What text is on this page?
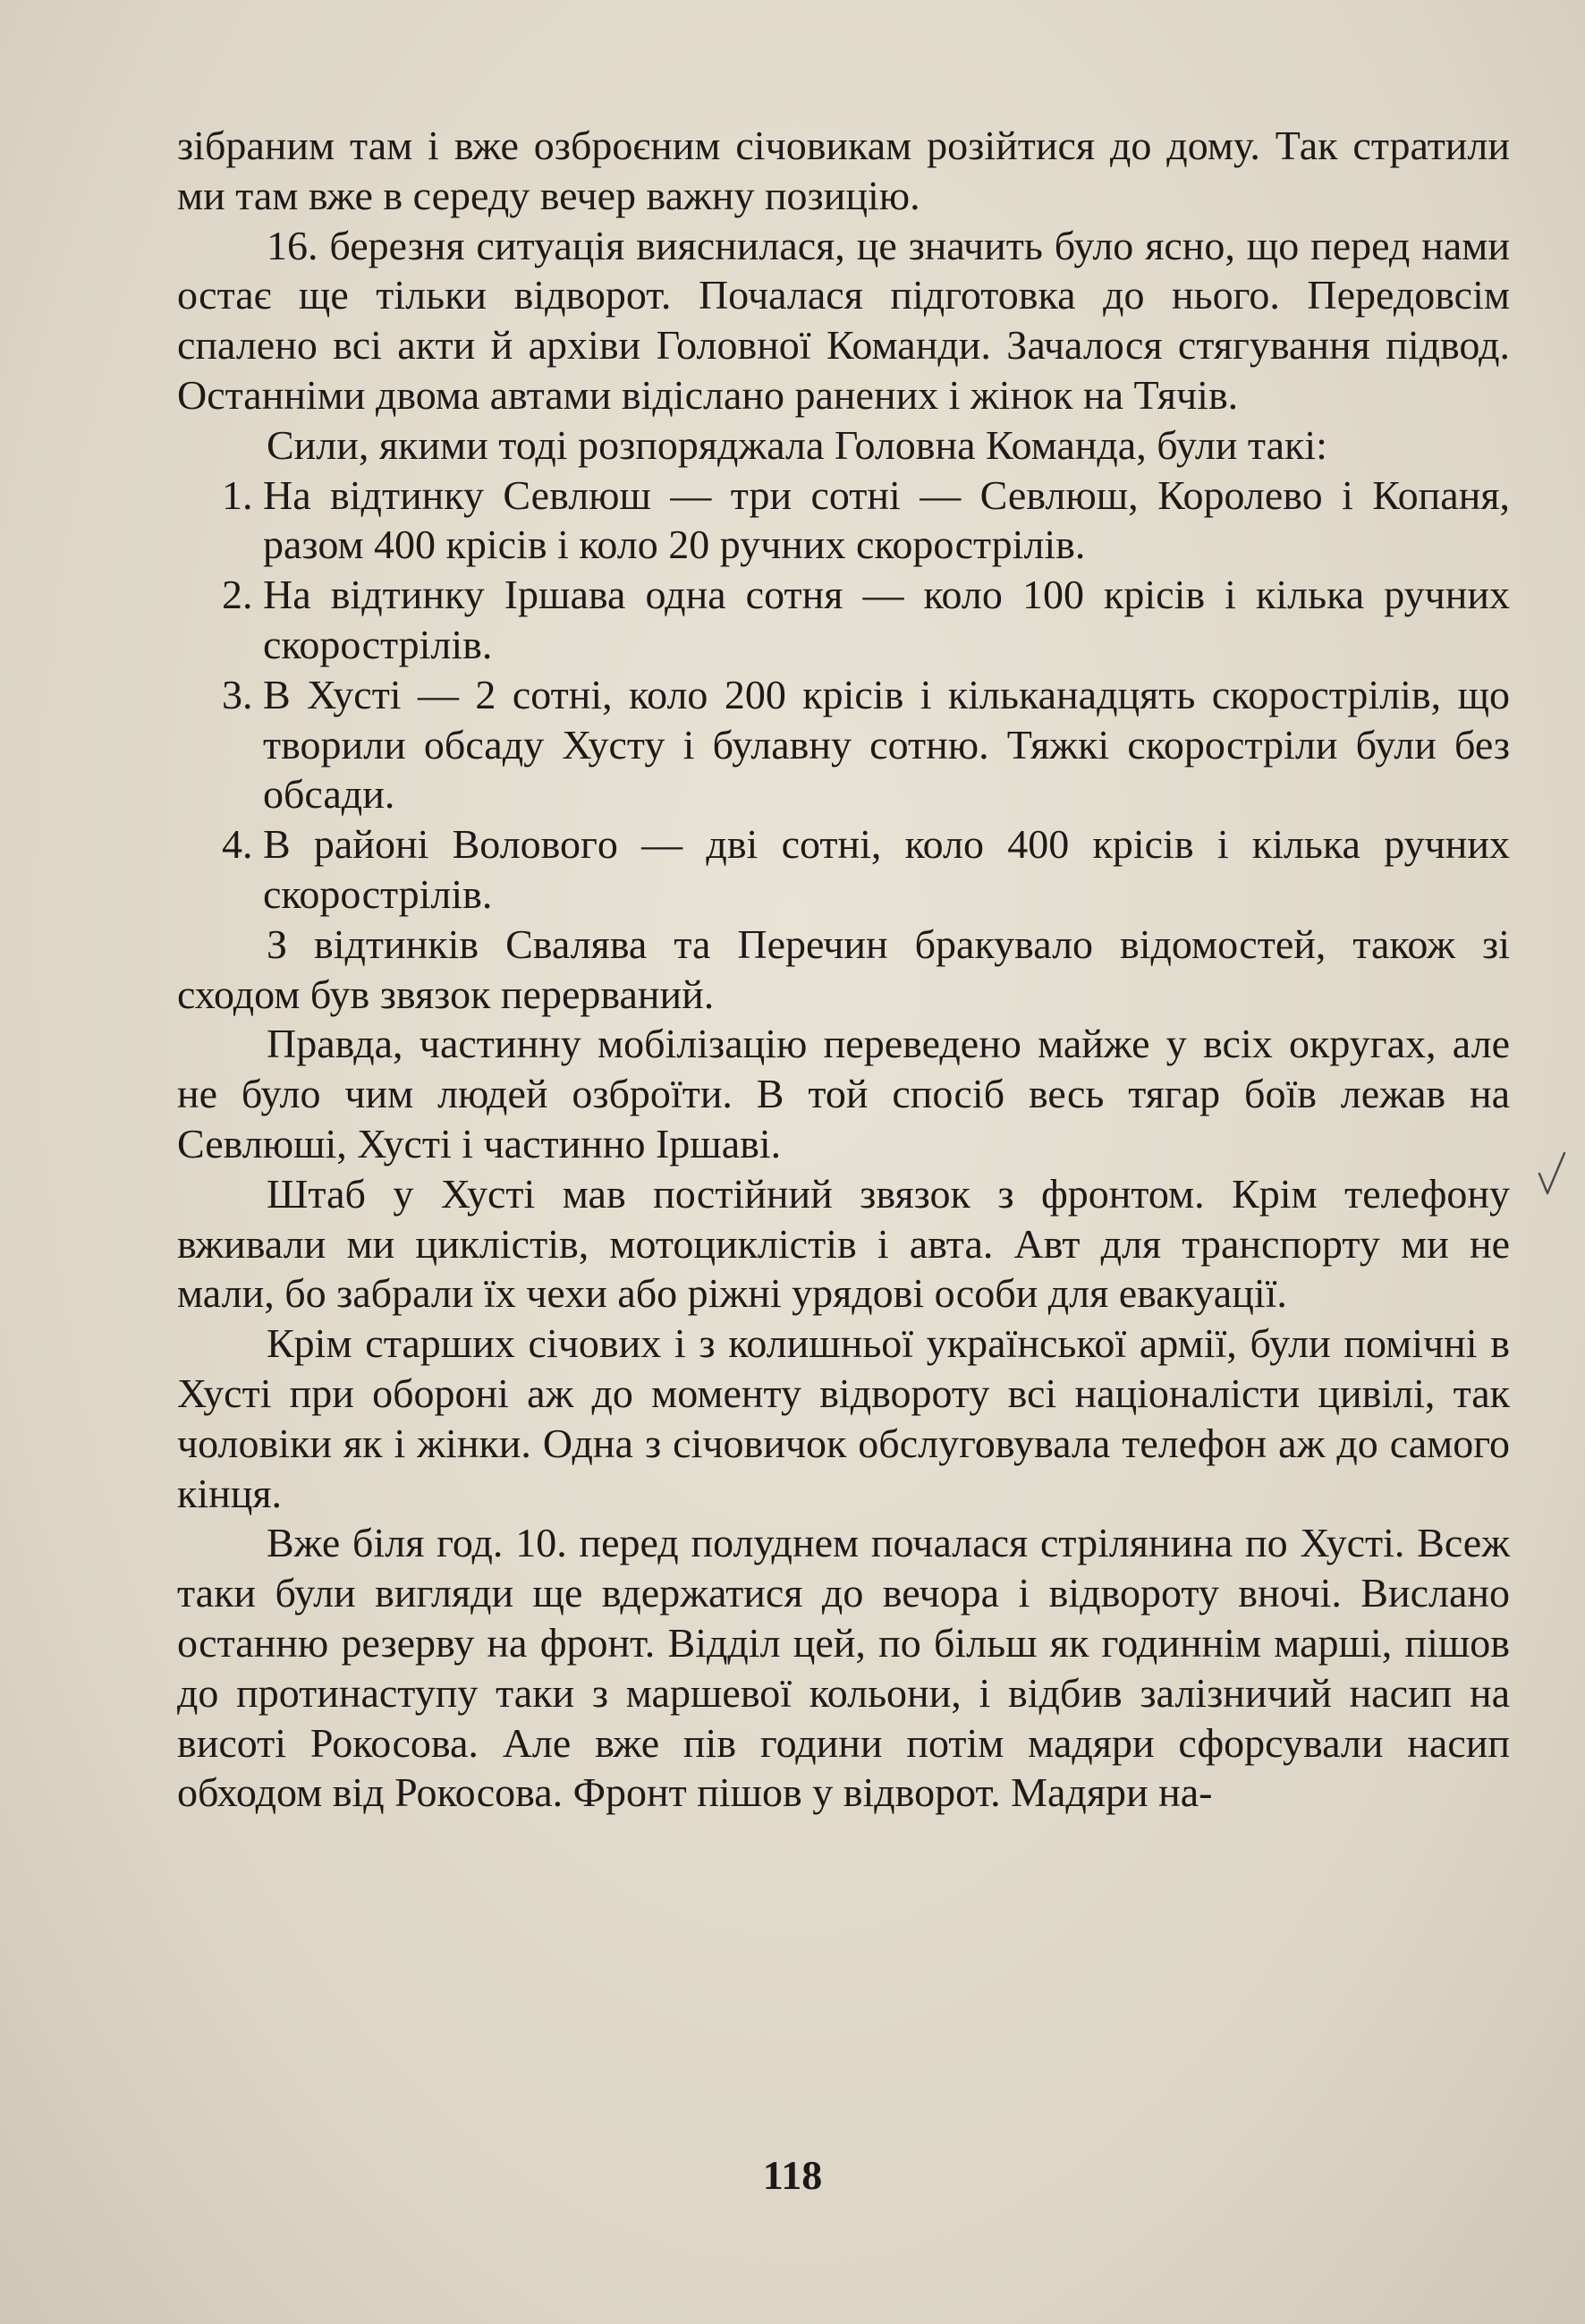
зібраним там і вже озброєним січовикам розійтися до дому. Так стратили ми там вже в середу вечер важну позицію.

16. березня ситуація вияснилася, це значить було ясно, що перед нами остає ще тільки відворот. Почалася підготовка до нього. Передовсім спалено всі акти й архіви Головної Команди. Зачалося стягування підвод. Останніми двома автами відіслано ранених і жінок на Тячів.

Сили, якими тоді розпоряджала Головна Команда, були такі:

1. На відтинку Севлюш — три сотні — Севлюш, Королево і Копаня, разом 400 крісів і коло 20 ручних скорострілів.
2. На відтинку Іршава одна сотня — коло 100 крісів і кілька ручних скорострілів.
3. В Хусті — 2 сотні, коло 200 крісів і кільканадцять скорострілів, що творили обсаду Хусту і булавну сотню. Тяжкі скоростріли були без обсади.
4. В районі Воловогo — дві сотні, коло 400 крісів і кілька ручних скорострілів.

З відтинків Свалява та Перечин бракувало відомостей, також зі сходом був звязок перерваний.

Правда, частинну мобілізацію переведено майже у всіх округах, але не було чим людей озброїти. В той спосіб весь тягар боїв лежав на Севлюші, Хусті і частинно Іршаві.

Штаб у Хусті мав постійний звязок з фронтом. Крім телефону вживали ми циклістів, мотоциклістів і авта. Авт для транспорту ми не мали, бо забрали їх чехи або ріжні урядові особи для евакуації.

Крім старших січових і з колишньої української армії, були помічні в Хусті при обороні аж до моменту відвороту всі націоналісти цивілі, так чоловіки як і жінки. Одна з січовичок обслуговувала телефон аж до самого кінця.

Вже біля год. 10. перед полуднем почалася стрілянина по Хусті. Всеж таки були вигляди ще вдержатися до вечора і відвороту вночі. Вислано останню резерву на фронт. Відділ цей, по більш як годиннім марші, пішов до протинаступу таки з маршевої кольони, і відбив залізничий насип на висоті Рокосова. Але вже пів години потім мадяри сфорсували насип обходом від Рокосова. Фронт пішов у відворот. Мадяри на-

118
